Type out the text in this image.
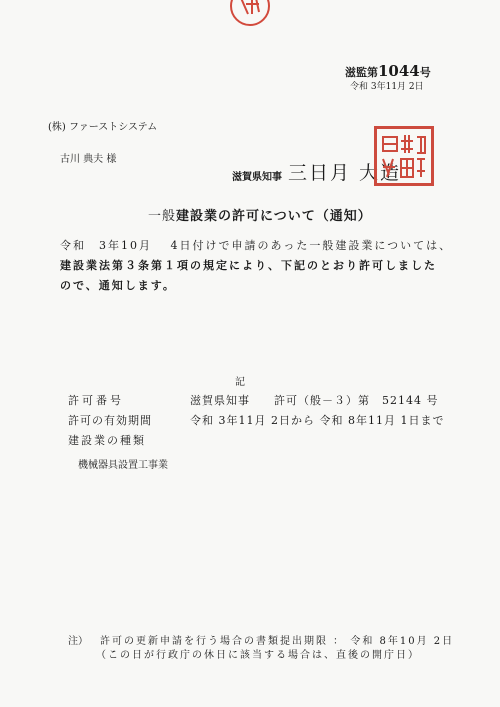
滋監第1044号
令和 3年11月 2日
(株) ファーストシステム
古川 典夫 様
滋賀県知事 三日月 大造
一般建設業の許可について（通知）
令和　3年10月　 4日付けで申請のあった一般建設業については、
建設業法第３条第１項の規定により、下記のとおり許可しました
ので、通知します。
記
許可番号	滋賀県知事　　許可（般－３）第　52144 号
許可の有効期間	令和 3年11月 2日から 令和 8年11月 1日まで
建設業の種類
機械器具設置工事業
注） 許可の更新申請を行う場合の書類提出期限 ： 令和 8年10月 2日
（この日が行政庁の休日に該当する場合は、直後の開庁日）
